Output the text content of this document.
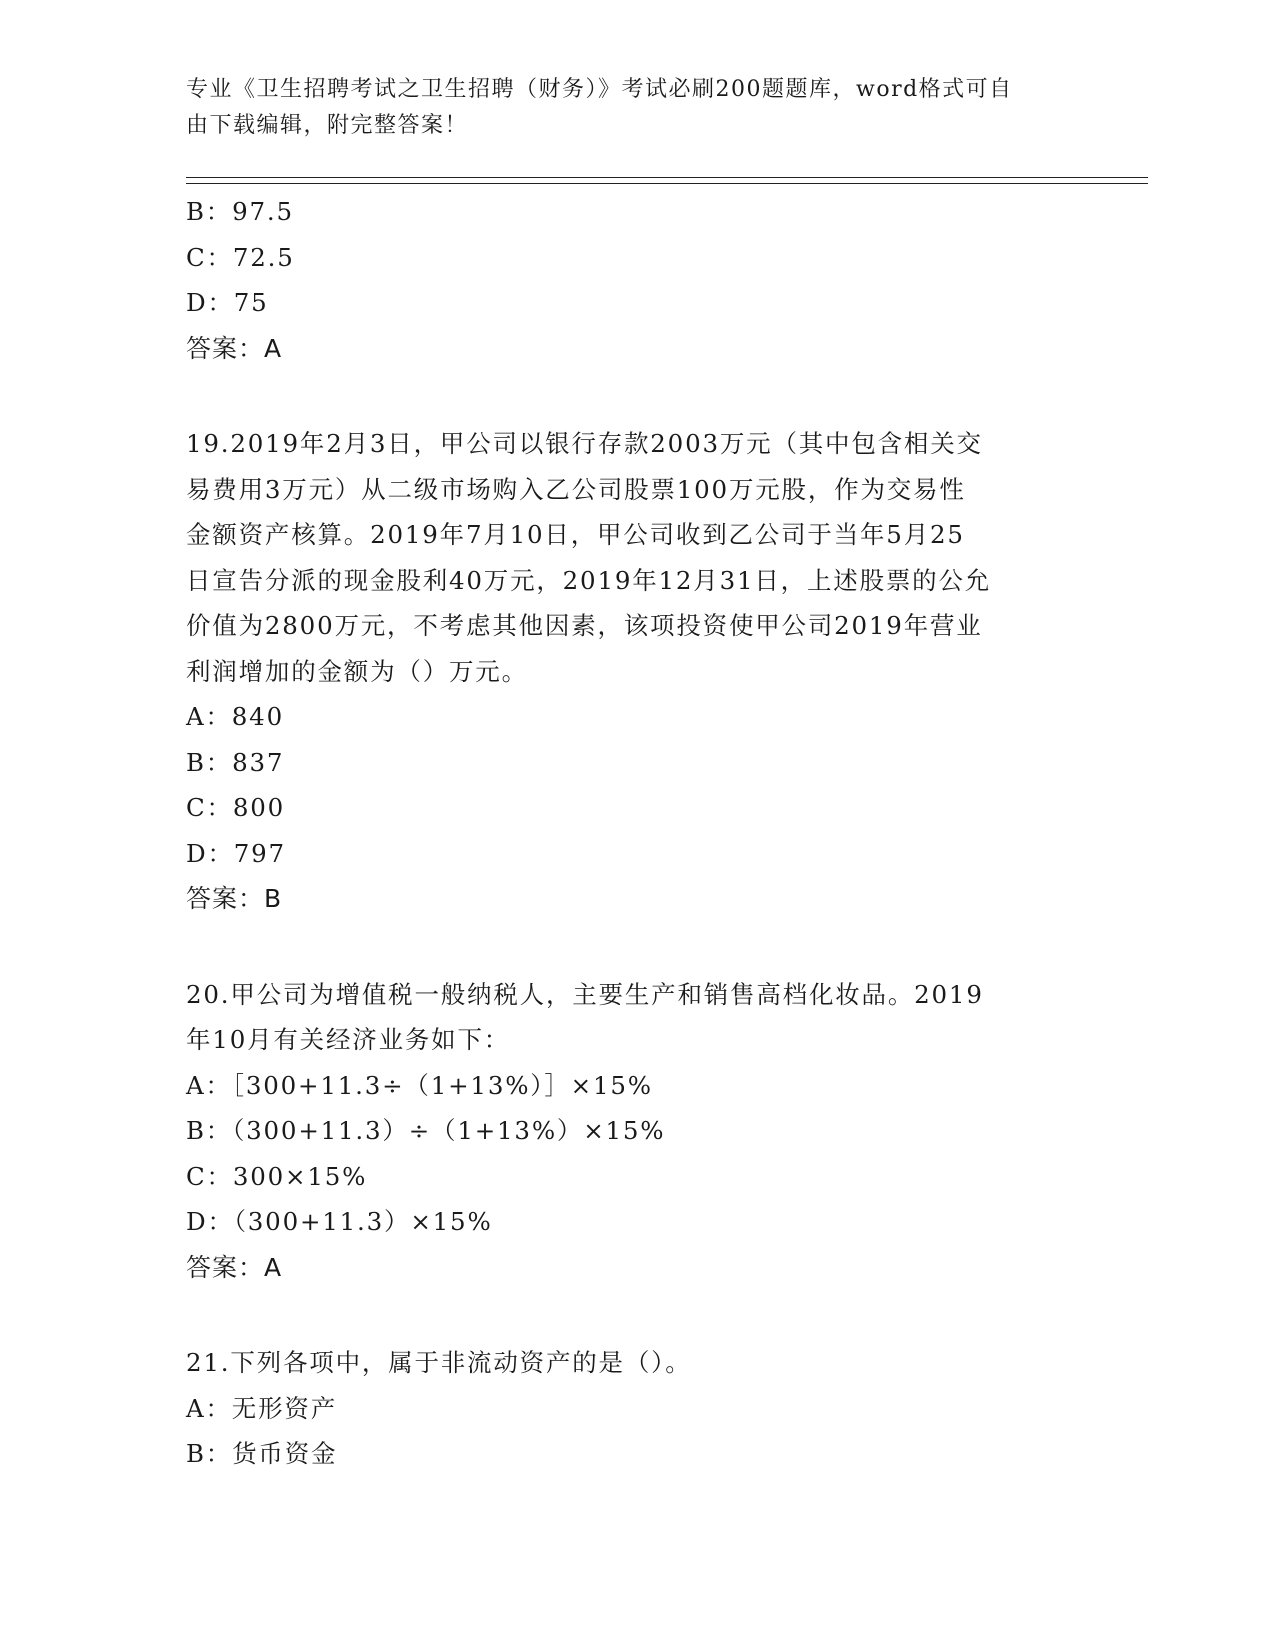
专业《卫生招聘考试之卫生招聘（财务）》考试必刷200题题库，word格式可自
由下载编辑，附完整答案！
B：97.5
C：72.5
D：75
答案：A
19.2019年2月3日，甲公司以银行存款2003万元（其中包含相关交
易费用3万元）从二级市场购入乙公司股票100万元股，作为交易性
金额资产核算。2019年7月10日，甲公司收到乙公司于当年5月25
日宣告分派的现金股利40万元，2019年12月31日，上述股票的公允
价值为2800万元，不考虑其他因素，该项投资使甲公司2019年营业
利润增加的金额为（）万元。
A：840
B：837
C：800
D：797
答案：B
20.甲公司为增值税一般纳税人，主要生产和销售高档化妆品。2019
年10月有关经济业务如下：
A：［300+11.3÷（1+13%）］×15%
B：（300+11.3）÷（1+13%）×15%
C：300×15%
D：（300+11.3）×15%
答案：A
21.下列各项中，属于非流动资产的是（）。
A：无形资产
B：货币资金
